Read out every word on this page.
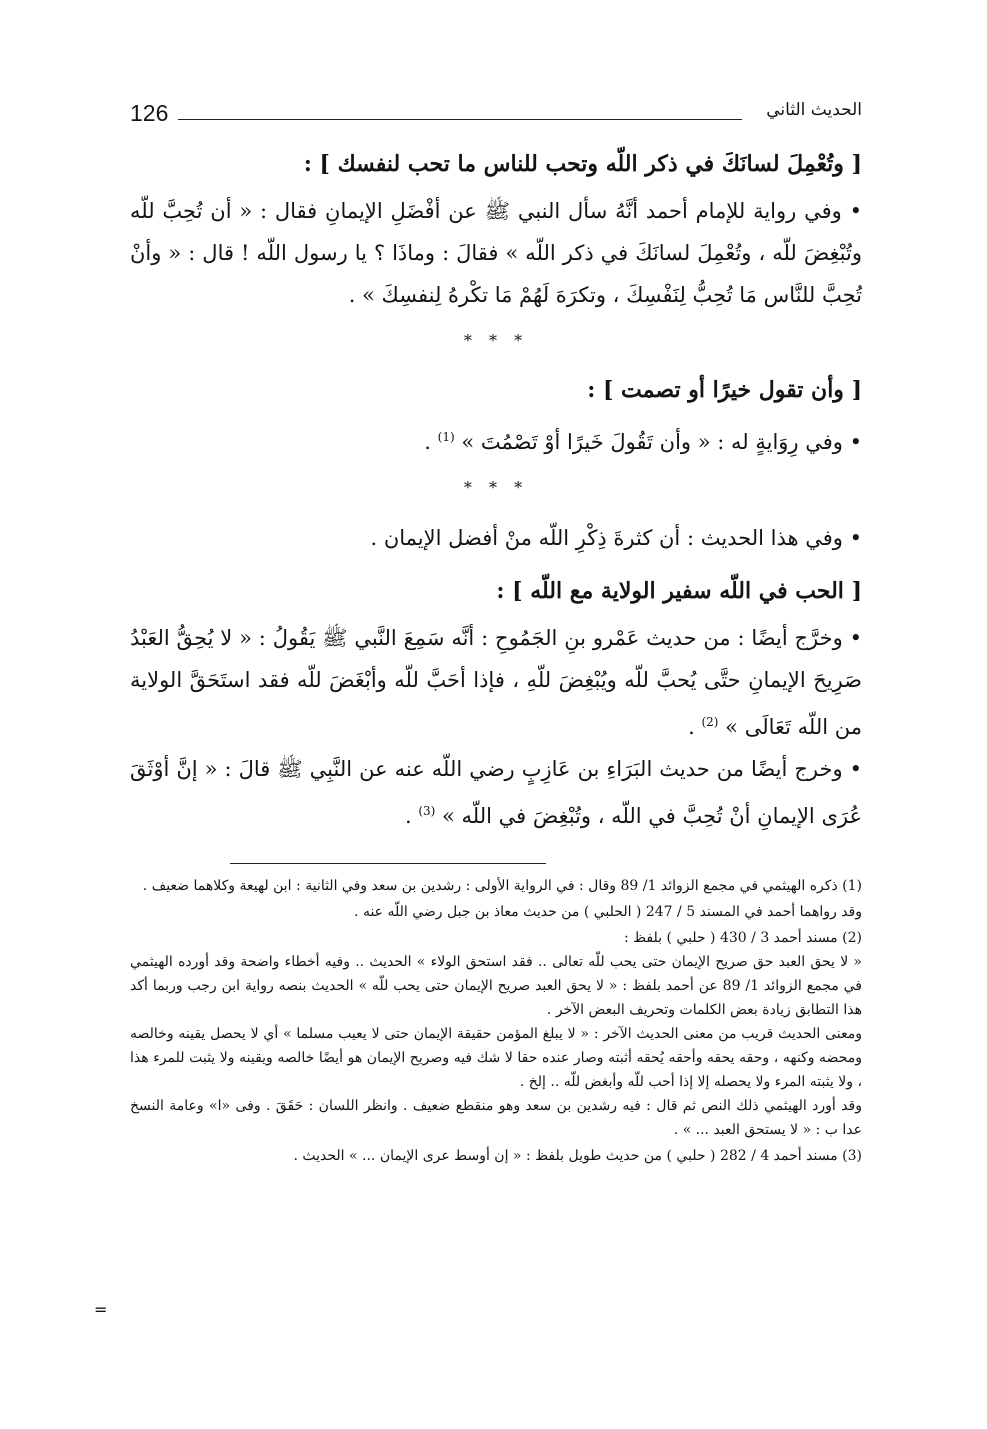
126	الحديث الثاني
[ وتُعْمِلَ لسانَكَ في ذكر اللّه وتحب للناس ما تحب لنفسك ] :

• وفي رواية للإمام أحمد أنَّهُ سأل النبي ﷺ عن أفْضَلِ الإيمانِ فقال : « أن تُحِبَّ للّه وتُبْغِضَ للّه ، وتُعْمِلَ لسانَكَ في ذكر اللّه » فقالَ : وماذَا ؟ يا رسول اللّه ! قال : « وأنْ تُحِبَّ للنَّاس مَا تُحِبُّ لِنَفْسِكَ ، وتكرَهَ لَهُمْ مَا تكْرهُ لِنفسِكَ » .

* * *
[ وأن تقول خيرًا أو تصمت ] :

• وفي رِوَايةٍ له : « وأن تَقُولَ خَيرًا أوْ تَصْمُتَ » $^{(1)}$ .

* * *

• وفي هذا الحديث : أن كثرةَ ذِكْرِ اللّه منْ أفضل الإيمان .

[ الحب في اللّه سفير الولاية مع اللّه ] :

• وخرَّج أيضًا : من حديث عَمْرو بنِ الجَمُوحِ : أنَّه سَمِعَ النَّبي ﷺ يَقُولُ : « لا يُحِقُّ العَبْدُ صَرِيحَ الإيمانِ حتَّى يُحبَّ للّه ويُبْغِضَ للّهِ ، فإذا أحَبَّ للّه وأبْغَضَ للّه فقد استَحَقَّ الولاية من اللّه تَعَالَى » $^{(2)}$ .

• وخرج أيضًا من حديث البَرَاءِ بن عَازِبٍ رضي اللّه عنه عن النَّبِي ﷺ قالَ : « إنَّ أوْثَقَ عُرَى الإيمانِ أنْ تُحِبَّ في اللّه ، وتُبْغِضَ في اللّه » $^{(3)}$ .

(1) ذكره الهيثمي في مجمع الزوائد 1/ 89 وقال : في الرواية الأولى : رشدين بن سعد وفي الثانية : ابن لهيعة وكلاهما ضعيف .

وقد رواهما أحمد في المسند 5 / 247 ( الحلبي ) من حديث معاذ بن جبل رضي اللّه عنه .

(2) مسند أحمد 3 / 430 ( حلبي ) بلفظ :

« لا يحق العبد حق صريح الإيمان حتى يحب للّه تعالى .. فقد استحق الولاء » الحديث .. وفيه أخطاء واضحة وقد أورده الهيثمي في مجمع الزوائد 1/ 89 عن أحمد بلفظ : « لا يحق العبد صريح الإيمان حتى يحب للّه » الحديث بنصه رواية ابن رجب وربما أكد هذا التطابق زيادة بعض الكلمات وتحريف البعض الآخر .

ومعنى الحديث قريب من معنى الحديث الآخر : « لا يبلغ المؤمن حقيقة الإيمان حتى لا يعيب مسلما » أي لا يحصل يقينه وخالصه ومحضه وكنهه ، وحقه يحقه وأحقه يُحقه أثبته وصار عنده حقا لا شك فيه وصريح الإيمان هو أيضًا خالصه ويقينه ولا يثبت للمرء هذا ، ولا يثبته المرء ولا يحصله إلا إذا أحب للّه وأبغض للّه .. إلخ .

وقد أورد الهيثمي ذلك النص ثم قال : فيه رشدين بن سعد وهو منقطع ضعيف . وانظر اللسان : حَقَقَ . وفى «ا» وعامة النسخ عدا ب : « لا يستحق العبد ... » .

(3) مسند أحمد 4 / 282 ( حلبي ) من حديث طويل بلفظ : « إن أوسط عرى الإيمان ... » الحديث .

=
